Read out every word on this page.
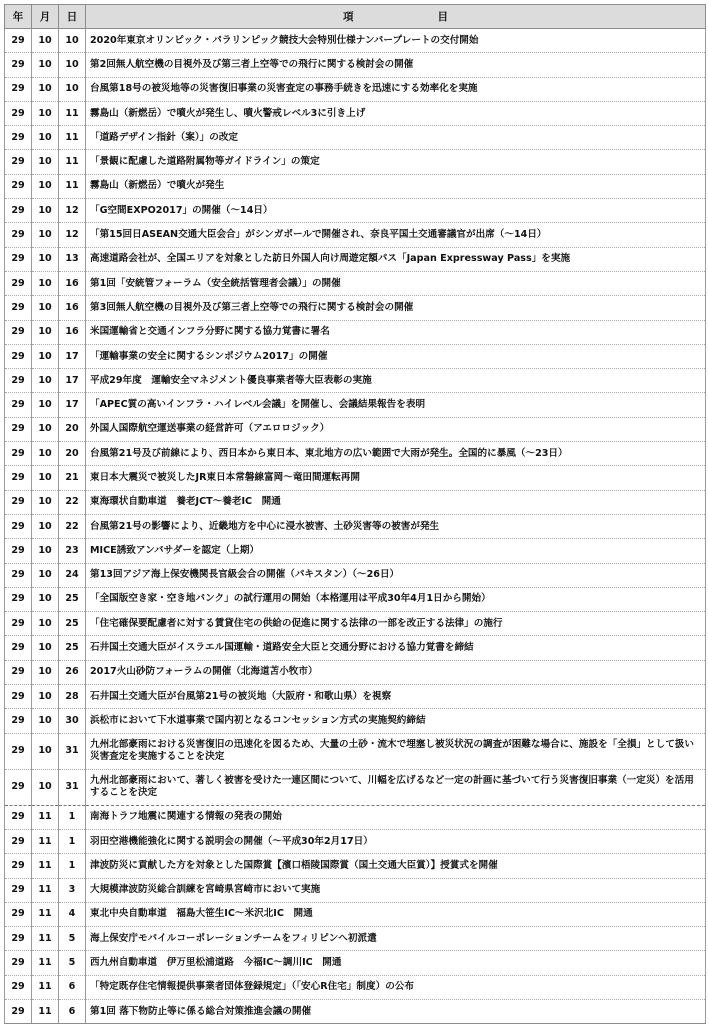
年	月	日	項　　　　　　　　目
29	10	10	2020年東京オリンピック・パラリンピック競技大会特別仕様ナンバープレートの交付開始
29	10	10	第2回無人航空機の目視外及び第三者上空等での飛行に関する検討会の開催
29	10	10	台風第18号の被災地等の災害復旧事業の災害査定の事務手続きを迅速にする効率化を実施
29	10	11	霧島山（新燃岳）で噴火が発生し、噴火警戒レベル3に引き上げ
29	10	11	「道路デザイン指針（案）」の改定
29	10	11	「景観に配慮した道路附属物等ガイドライン」の策定
29	10	11	霧島山（新燃岳）で噴火が発生
29	10	12	「G空間EXPO2017」の開催（〜14日）
29	10	12	「第15回日ASEAN交通大臣会合」がシンガポールで開催され、奈良平国土交通審議官が出席（〜14日）
29	10	13	高速道路会社が、全国エリアを対象とした訪日外国人向け周遊定額パス「Japan Expressway Pass」を実施
29	10	16	第1回「安統管フォーラム（安全統括管理者会議）」の開催
29	10	16	第3回無人航空機の目視外及び第三者上空等での飛行に関する検討会の開催
29	10	16	米国運輸省と交通インフラ分野に関する協力覚書に署名
29	10	17	「運輸事業の安全に関するシンポジウム2017」の開催
29	10	17	平成29年度　運輸安全マネジメント優良事業者等大臣表彰の実施
29	10	17	「APEC質の高いインフラ・ハイレベル会議」を開催し、会議結果報告を表明
29	10	20	外国人国際航空運送事業の経営許可（アエロロジック）
29	10	20	台風第21号及び前線により、西日本から東日本、東北地方の広い範囲で大雨が発生。全国的に暴風（〜23日）
29	10	21	東日本大震災で被災したJR東日本常磐線富岡〜竜田間運転再開
29	10	22	東海環状自動車道　養老JCT〜養老IC　開通
29	10	22	台風第21号の影響により、近畿地方を中心に浸水被害、土砂災害等の被害が発生
29	10	23	MICE誘致アンバサダーを認定（上期）
29	10	24	第13回アジア海上保安機関長官級会合の開催（パキスタン）（〜26日）
29	10	25	「全国版空き家・空き地バンク」の試行運用の開始（本格運用は平成30年4月1日から開始）
29	10	25	「住宅確保要配慮者に対する賃貸住宅の供給の促進に関する法律の一部を改正する法律」の施行
29	10	25	石井国土交通大臣がイスラエル国運輸・道路安全大臣と交通分野における協力覚書を締結
29	10	26	2017火山砂防フォーラムの開催（北海道苫小牧市）
29	10	28	石井国土交通大臣が台風第21号の被災地（大阪府・和歌山県）を視察
29	10	30	浜松市において下水道事業で国内初となるコンセッション方式の実施契約締結
29	10	31	九州北部豪雨における災害復旧の迅速化を図るため、大量の土砂・流木で埋塞し被災状況の調査が困難な場合に、施設を「全損」として扱い災害査定を実施することを決定
29	10	31	九州北部豪雨において、著しく被害を受けた一連区間について、川幅を広げるなど一定の計画に基づいて行う災害復旧事業（一定災）を活用することを決定
29	11	1	南海トラフ地震に関連する情報の発表の開始
29	11	1	羽田空港機能強化に関する説明会の開催（〜平成30年2月17日）
29	11	1	津波防災に貢献した方を対象とした国際賞【濱口梧陵国際賞（国土交通大臣賞）】授賞式を開催
29	11	3	大規模津波防災総合訓練を宮崎県宮崎市において実施
29	11	4	東北中央自動車道　福島大笹生IC〜米沢北IC　開通
29	11	5	海上保安庁モバイルコーポレーションチームをフィリピンへ初派遣
29	11	5	西九州自動車道　伊万里松浦道路　今福IC〜調川IC　開通
29	11	6	「特定既存住宅情報提供事業者団体登録規定」（「安心R住宅」制度）の公布
29	11	6	第1回 落下物防止等に係る総合対策推進会議の開催
